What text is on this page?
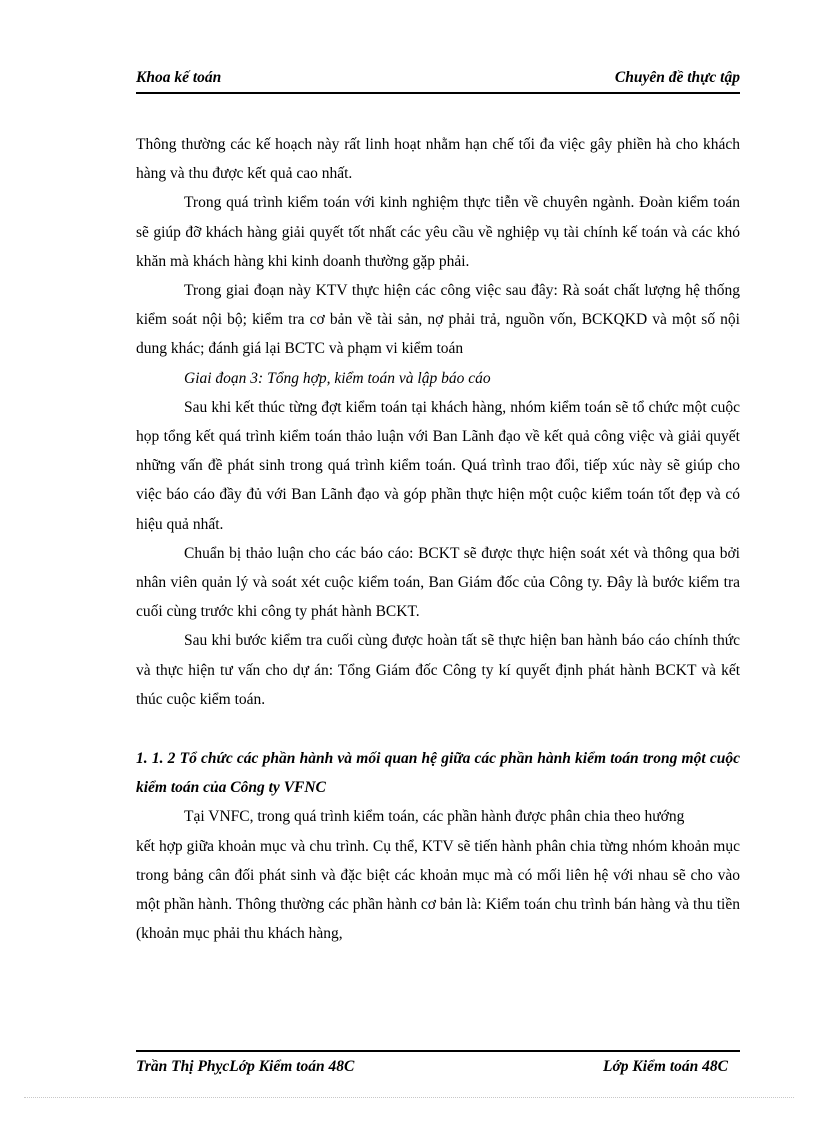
Khoa kế toán	Chuyên đề thực tập

Thông thường các kế hoạch này rất linh hoạt nhằm hạn chế tối đa việc gây phiền hà cho khách hàng và thu được kết quả cao nhất.

Trong quá trình kiểm toán với kinh nghiệm thực tiễn về chuyên ngành. Đoàn kiểm toán sẽ giúp đỡ khách hàng giải quyết tốt nhất các yêu cầu về nghiệp vụ tài chính kế toán và các khó khăn mà khách hàng khi kinh doanh thường gặp phải.

Trong giai đoạn này KTV thực hiện các công việc sau đây: Rà soát chất lượng hệ thống kiểm soát nội bộ; kiểm tra cơ bản về tài sản, nợ phải trả, nguồn vốn, BCKQKD và một số nội dung khác; đánh giá lại BCTC và phạm vi kiểm toán

Giai đoạn 3: Tổng hợp, kiểm toán và lập báo cáo

Sau khi kết thúc từng đợt kiểm toán tại khách hàng, nhóm kiểm toán sẽ tổ chức một cuộc họp tổng kết quá trình kiểm toán thảo luận với Ban Lãnh đạo về kết quả công việc và giải quyết những vấn đề phát sinh trong quá trình kiểm toán. Quá trình trao đổi, tiếp xúc này sẽ giúp cho việc báo cáo đầy đủ với Ban Lãnh đạo và góp phần thực hiện một cuộc kiểm toán tốt đẹp và có hiệu quả nhất.

Chuẩn bị thảo luận cho các báo cáo: BCKT sẽ được thực hiện soát xét và thông qua bởi nhân viên quản lý và soát xét cuộc kiểm toán, Ban Giám đốc của Công ty. Đây là bước kiểm tra cuối cùng trước khi công ty phát hành BCKT.

Sau khi bước kiểm tra cuối cùng được hoàn tất sẽ thực hiện ban hành báo cáo chính thức và thực hiện tư vấn cho dự án: Tổng Giám đốc Công ty kí quyết định phát hành BCKT và kết thúc cuộc kiểm toán.

1. 1. 2 Tổ chức các phần hành và mối quan hệ giữa các phần hành kiểm toán trong một cuộc kiểm toán của Công ty VFNC

Tại VNFC, trong quá trình kiểm toán, các phần hành được phân chia theo hướng

kết hợp giữa khoản mục và chu trình. Cụ thể, KTV sẽ tiến hành phân chia từng nhóm khoản mục trong bảng cân đối phát sinh và đặc biệt các khoản mục mà có mối liên hệ với nhau sẽ cho vào một phần hành. Thông thường các phần hành cơ bản là: Kiểm toán chu trình bán hàng và thu tiền (khoản mục phải thu khách hàng,

Trần Thị PhỵcLớp Kiểm toán 48C	Lớp Kiểm toán 48C
